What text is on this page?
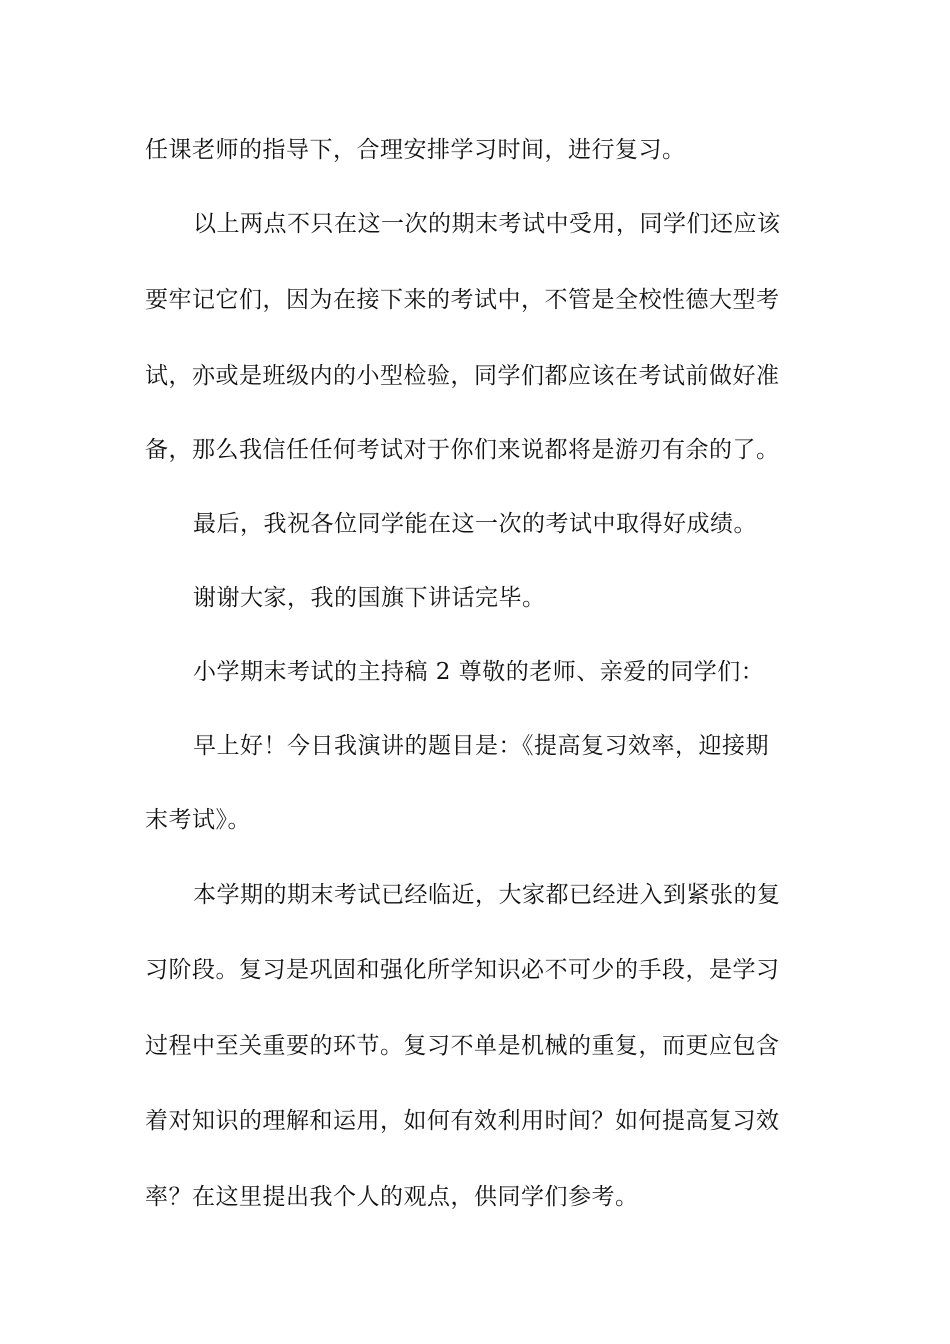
任课老师的指导下，合理安排学习时间，进行复习。
以上两点不只在这一次的期末考试中受用，同学们还应该
要牢记它们，因为在接下来的考试中，不管是全校性德大型考
试，亦或是班级内的小型检验，同学们都应该在考试前做好准
备，那么我信任任何考试对于你们来说都将是游刃有余的了。
最后，我祝各位同学能在这一次的考试中取得好成绩。
谢谢大家，我的国旗下讲话完毕。
小学期末考试的主持稿 2 尊敬的老师、亲爱的同学们：
早上好！今日我演讲的题目是：《提高复习效率，迎接期
末考试》。
本学期的期末考试已经临近，大家都已经进入到紧张的复
习阶段。复习是巩固和强化所学知识必不可少的手段，是学习
过程中至关重要的环节。复习不单是机械的重复，而更应包含
着对知识的理解和运用，如何有效利用时间？如何提高复习效
率？在这里提出我个人的观点，供同学们参考。
